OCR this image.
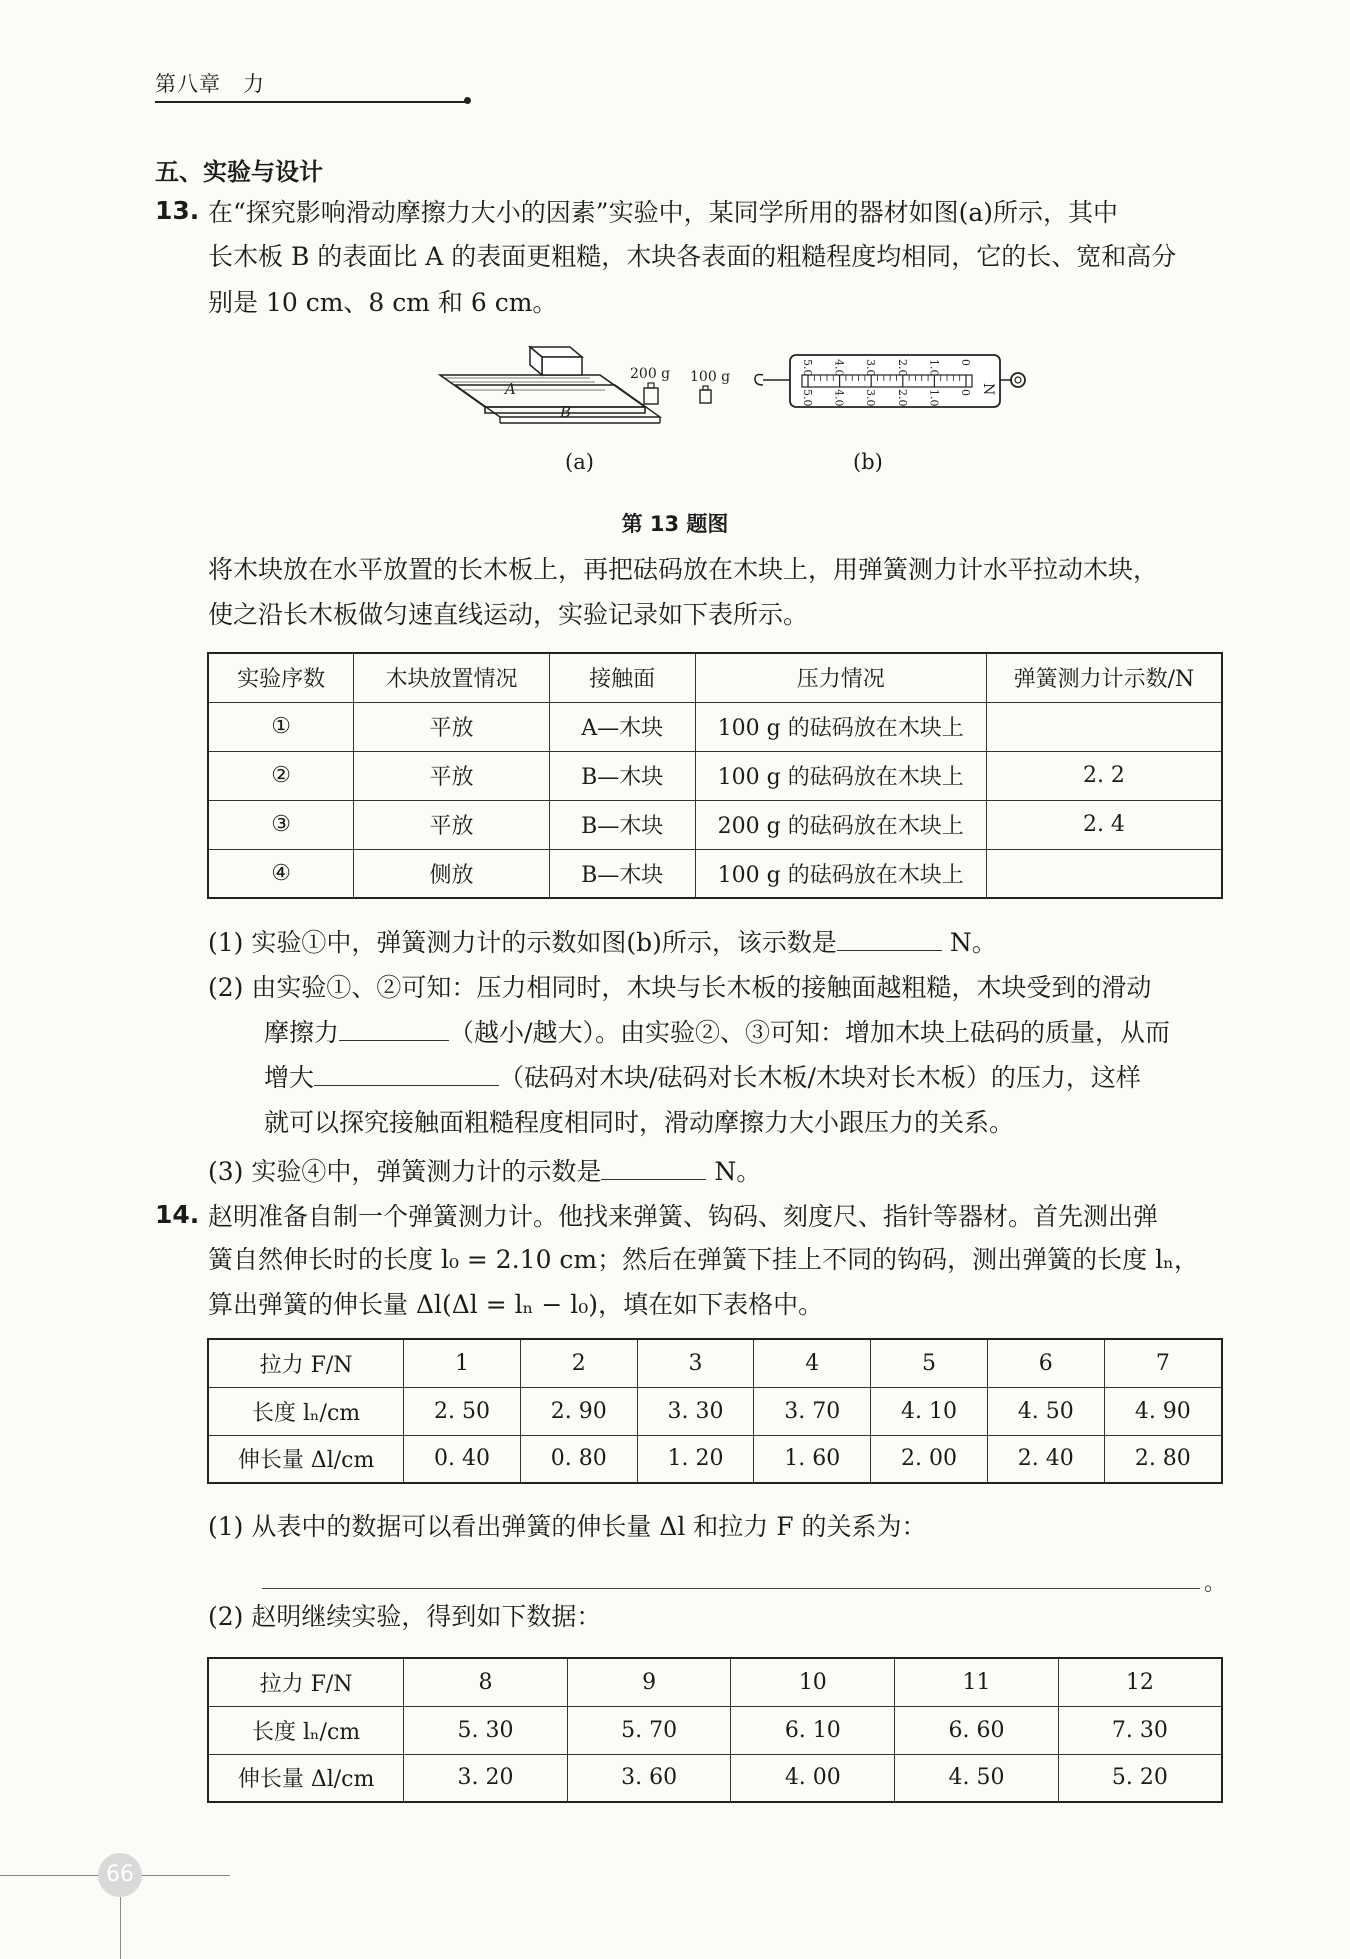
第八章　力
五、实验与设计
13. 在“探究影响滑动摩擦力大小的因素”实验中，某同学所用的器材如图(a)所示，其中
长木板 B 的表面比 A 的表面更粗糙，木块各表面的粗糙程度均相同，它的长、宽和高分
别是 10 cm、8 cm 和 6 cm。
A
B
200 g 100 g
N
5.0
5.0
4.0
4.0
3.0
3.0
2.0
2.0
1.0
1.0
0
0
(a)	(b)
第 13 题图
将木块放在水平放置的长木板上，再把砝码放在木块上，用弹簧测力计水平拉动木块，
使之沿长木板做匀速直线运动，实验记录如下表所示。
实验序数	木块放置情况	接触面	压力情况	弹簧测力计示数/N
①	平放	A—木块	100 g 的砝码放在木块上	
②	平放	B—木块	100 g 的砝码放在木块上	2. 2
③	平放	B—木块	200 g 的砝码放在木块上	2. 4
④	侧放	B—木块	100 g 的砝码放在木块上	
(1) 实验①中，弹簧测力计的示数如图(b)所示，该示数是	N。
(2) 由实验①、②可知：压力相同时，木块与长木板的接触面越粗糙，木块受到的滑动
摩擦力	（越小/越大）。由实验②、③可知：增加木块上砝码的质量，从而
增大	（砝码对木块/砝码对长木板/木块对长木板）的压力，这样
就可以探究接触面粗糙程度相同时，滑动摩擦力大小跟压力的关系。
(3) 实验④中，弹簧测力计的示数是	N。
14. 赵明准备自制一个弹簧测力计。他找来弹簧、钩码、刻度尺、指针等器材。首先测出弹
簧自然伸长时的长度 l₀ = 2.10 cm；然后在弹簧下挂上不同的钩码，测出弹簧的长度 lₙ，
算出弹簧的伸长量 Δl(Δl = lₙ − l₀)，填在如下表格中。
拉力 F/N	1	2	3	4	5	6	7
长度 lₙ/cm	2. 50	2. 90	3. 30	3. 70	4. 10	4. 50	4. 90
伸长量 Δl/cm	0. 40	0. 80	1. 20	1. 60	2. 00	2. 40	2. 80
(1) 从表中的数据可以看出弹簧的伸长量 Δl 和拉力 F 的关系为：
。
(2) 赵明继续实验，得到如下数据：
拉力 F/N	8	9	10	11	12
长度 lₙ/cm	5. 30	5. 70	6. 10	6. 60	7. 30
伸长量 Δl/cm	3. 20	3. 60	4. 00	4. 50	5. 20
66
